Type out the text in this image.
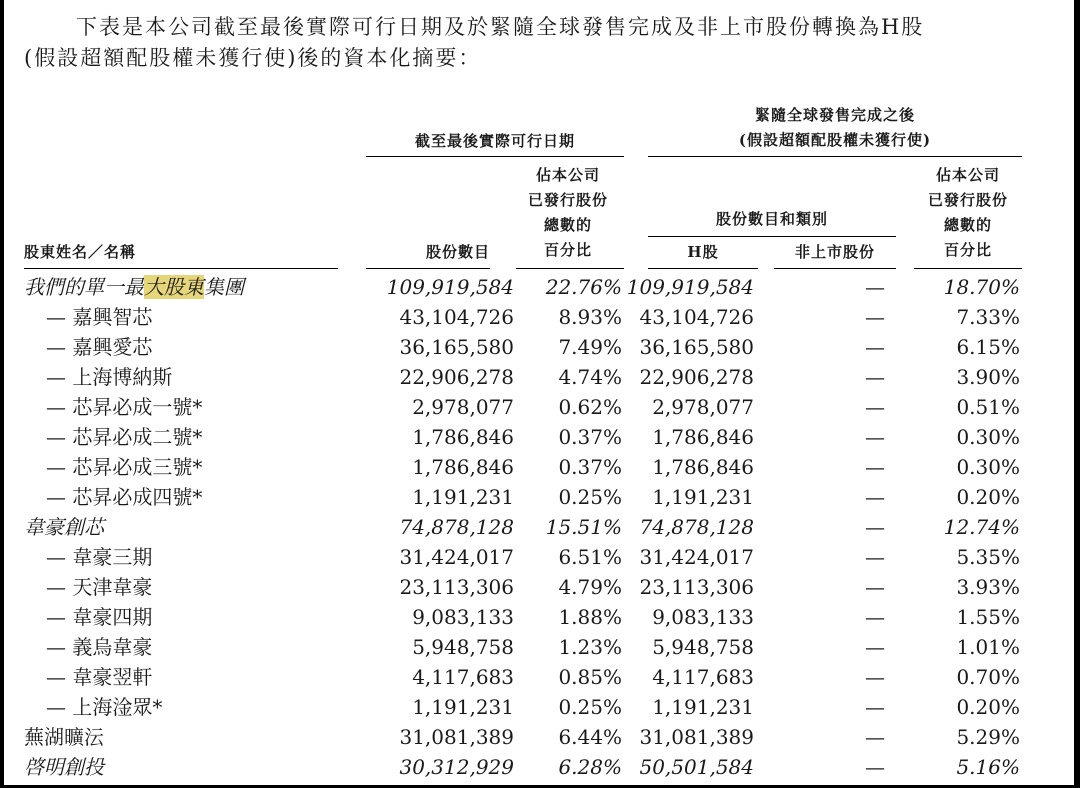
下表是本公司截至最後實際可行日期及於緊隨全球發售完成及非上市股份轉換為H股
(假設超額配股權未獲行使)後的資本化摘要：
緊隨全球發售完成之後
(假設超額配股權未獲行使)
截至最後實際可行日期
佔本公司
已發行股份
總數的
百分比
佔本公司
已發行股份
總數的
百分比
股份數目和類別
股東姓名／名稱	股份數目	H股	非上市股份
我們的單一最大股東集團	109,919,584 22.76% 109,919,584	—	18.70%
— 嘉興智芯	43,104,726 8.93% 43,104,726	—	7.33%
— 嘉興愛芯	36,165,580 7.49% 36,165,580	—	6.15%
— 上海博納斯	22,906,278 4.74% 22,906,278	—	3.90%
— 芯昇必成一號*	2,978,077 0.62% 2,978,077	—	0.51%
— 芯昇必成二號*	1,786,846 0.37% 1,786,846	—	0.30%
— 芯昇必成三號*	1,786,846 0.37% 1,786,846	—	0.30%
— 芯昇必成四號*	1,191,231 0.25% 1,191,231	—	0.20%
韋豪創芯	74,878,128 15.51% 74,878,128	—	12.74%
— 韋豪三期	31,424,017 6.51% 31,424,017	—	5.35%
— 天津韋豪	23,113,306 4.79% 23,113,306	—	3.93%
— 韋豪四期	9,083,133 1.88% 9,083,133	—	1.55%
— 義烏韋豪	5,948,758 1.23% 5,948,758	—	1.01%
— 韋豪翌軒	4,117,683 0.85% 4,117,683	—	0.70%
— 上海淦眾*	1,191,231 0.25% 1,191,231	—	0.20%
蕪湖曠沄	31,081,389 6.44% 31,081,389	—	5.29%
啓明創投	30,312,929 6.28% 50,501,584	—	5.16%
